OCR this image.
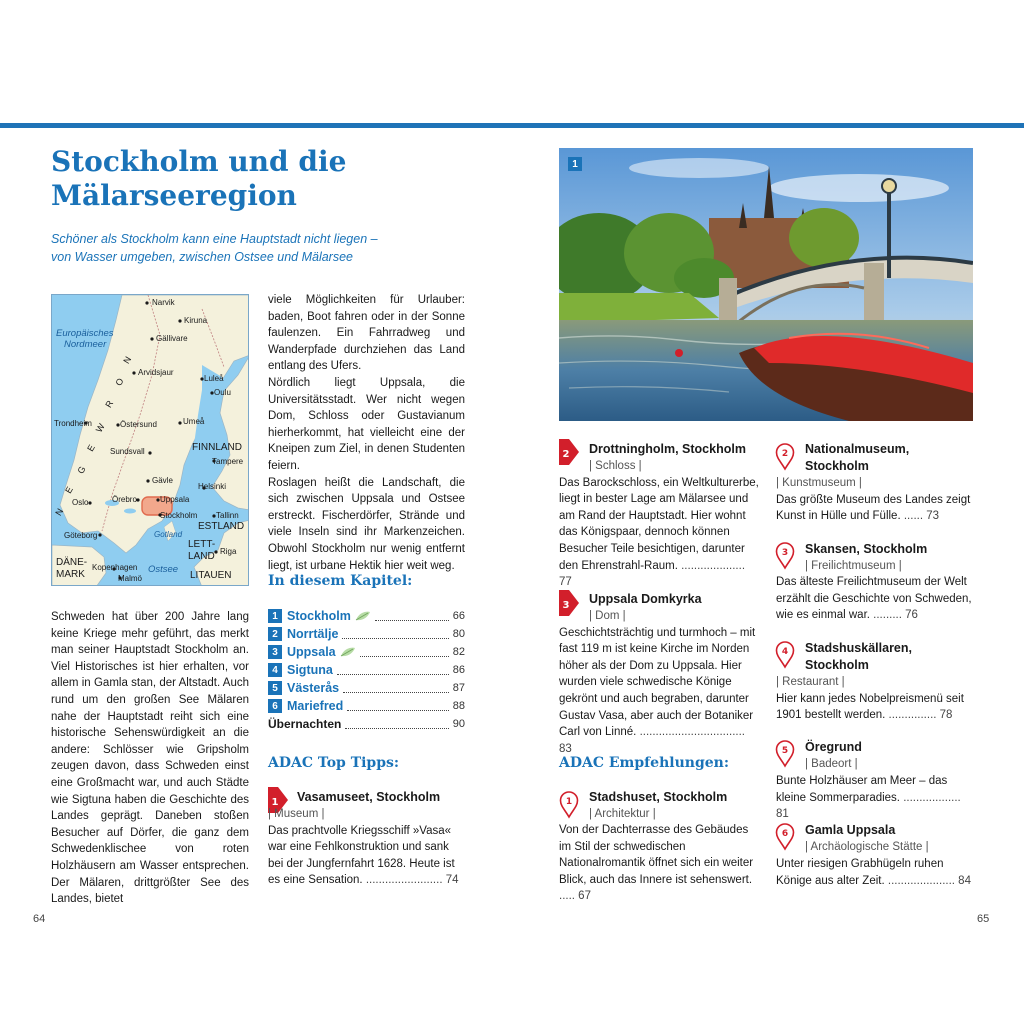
Stockholm und die
Mälarseeregion
Schöner als Stockholm kann eine Hauptstadt nicht liegen –
von Wasser umgeben, zwischen Ostsee und Mälarsee
Narvik
Kiruna
Gällivare
Arvidsjaur
Luleå
Oulu
Umeå
Östersund
Trondheim
Sundsvall	FINNLAND
Tampere
Gävle
Helsinki
Örebro	Uppsala
Stockholm Tallinn
ESTLAND
Oslo
Gotland
Göteborg
LETT-
LAND Riga
DÄNE-
MARK
Kopenhagen
Malmö
Ostsee
LITAUEN
Europäisches
Nordmeer
N
O
R
W
E
G
E
N

Schweden hat über 200 Jahre lang keine Kriege mehr geführt, das merkt man seiner Hauptstadt Stockholm an. Viel Historisches ist hier erhalten, vor allem in Gamla stan, der Altstadt. Auch rund um den großen See Mälaren nahe der Hauptstadt reiht sich eine historische Sehenswürdigkeit an die andere: Schlösser wie Gripsholm zeugen davon, dass Schweden einst eine Großmacht war, und auch Städte wie Sigtuna haben die Geschichte des Landes geprägt. Daneben stoßen Besucher auf Dörfer, die ganz dem Schwedenklischee von roten Holzhäusern am Wasser entsprechen. Der Mälaren, drittgrößter See des Landes, bietet

viele Möglichkeiten für Urlauber: baden, Boot fahren oder in der Sonne faulenzen. Ein Fahrradweg und Wanderpfade durchziehen das Land entlang des Ufers.

Nördlich liegt Uppsala, die Universitätsstadt. Wer nicht wegen Dom, Schloss oder Gustavianum hierherkommt, hat vielleicht eine der Kneipen zum Ziel, in denen Studenten feiern.

Roslagen heißt die Landschaft, die sich zwischen Uppsala und Ostsee erstreckt. Fischerdörfer, Strände und viele Inseln sind ihr Markenzeichen. Obwohl Stockholm nur wenig entfernt liegt, ist urbane Hektik hier weit weg.

In diesem Kapitel:
1 Stockholm	66
2 Norrtälje	80
3 Uppsala	82
4 Sigtuna	86
5 Västerås	87
6 Mariefred	88
Übernachten	90
ADAC Top Tipps:	ADAC Empfehlungen:
1
2
3
Vasamuseet, Stockholm
| Museum |
Das prachtvolle Kriegsschiff »Vasa« war eine Fehlkonstruktion und sank bei der Jungfernfahrt 1628. Heute ist es eine Sensation. ........................ 74
Drottningholm, Stockholm
| Schloss |
Das Barockschloss, ein Weltkulturerbe, liegt in bester Lage am Mälarsee und am Rand der Hauptstadt. Hier wohnt das Königspaar, dennoch können Besucher Teile besichtigen, darunter den Ehrenstrahl-Raum. .................... 77
Uppsala Domkyrka
| Dom |
Geschichtsträchtig und turmhoch – mit fast 119 m ist keine Kirche im Norden höher als der Dom zu Uppsala. Hier wurden viele schwedische Könige gekrönt und auch begraben, darunter Gustav Vasa, aber auch der Botaniker Carl von Linné. ................................. 83
1
2
3
4
5
6
Stadshuset, Stockholm
| Architektur |
Von der Dachterrasse des Gebäudes im Stil der schwedischen Nationalromantik öffnet sich ein weiter Blick, auch das Innere ist sehenswert. ..... 67
Nationalmuseum, Stockholm
| Kunstmuseum |
Das größte Museum des Landes zeigt Kunst in Hülle und Fülle. ...... 73
Skansen, Stockholm
| Freilichtmuseum |
Das älteste Freilichtmuseum der Welt erzählt die Geschichte von Schweden, wie es einmal war. ......... 76
Stadshuskällaren, Stockholm
| Restaurant |
Hier kann jedes Nobelpreismenü seit 1901 bestellt werden. ............... 78
Öregrund
| Badeort |
Bunte Holzhäuser am Meer – das kleine Sommerparadies. .................. 81
Gamla Uppsala
| Archäologische Stätte |
Unter riesigen Grabhügeln ruhen Könige aus alter Zeit. ..................... 84
1
64	65
